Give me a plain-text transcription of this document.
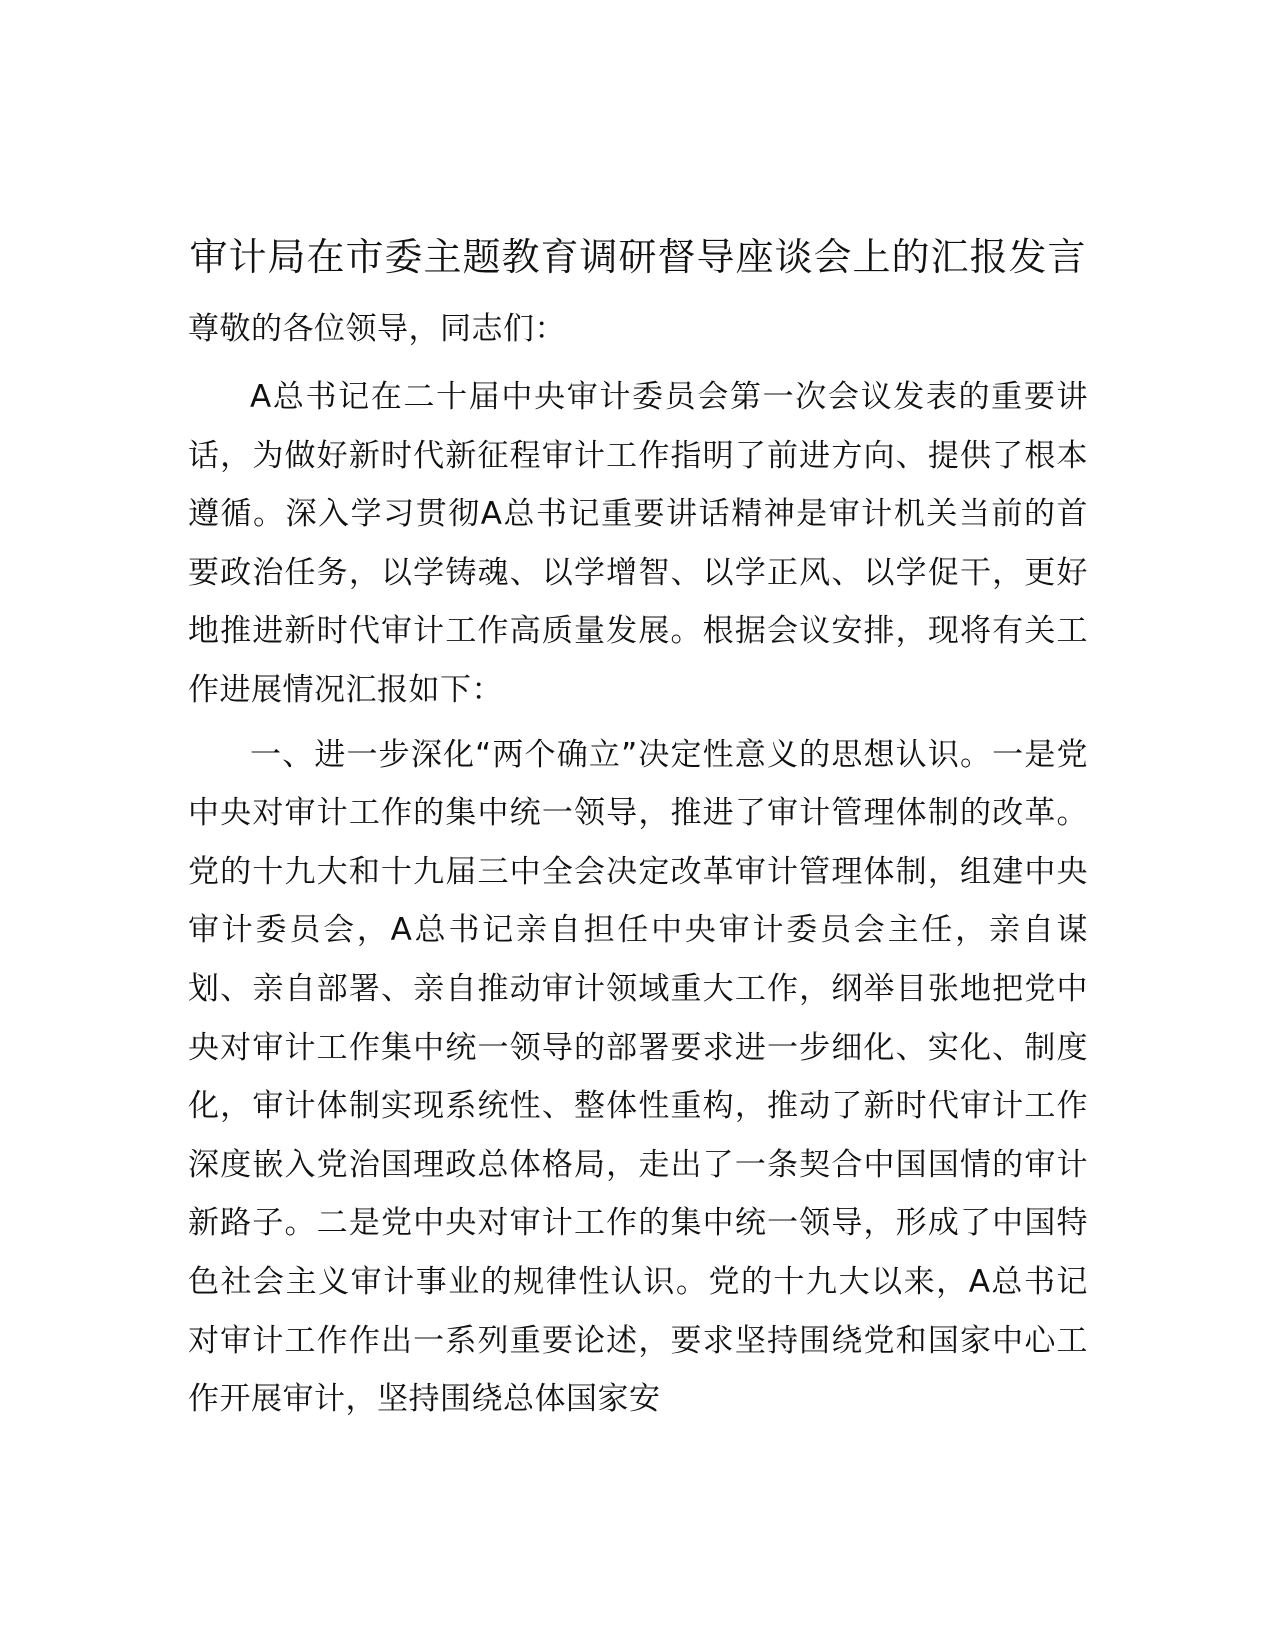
审计局在市委主题教育调研督导座谈会上的汇报发言

尊敬的各位领导，同志们：

A总书记在二十届中央审计委员会第一次会议发表的重要讲话，为做好新时代新征程审计工作指明了前进方向、提供了根本遵循。深入学习贯彻A总书记重要讲话精神是审计机关当前的首要政治任务，以学铸魂、以学增智、以学正风、以学促干，更好地推进新时代审计工作高质量发展。根据会议安排，现将有关工作进展情况汇报如下：

一、进一步深化“两个确立”决定性意义的思想认识。一是党中央对审计工作的集中统一领导，推进了审计管理体制的改革。党的十九大和十九届三中全会决定改革审计管理体制，组建中央审计委员会，A总书记亲自担任中央审计委员会主任，亲自谋划、亲自部署、亲自推动审计领域重大工作，纲举目张地把党中央对审计工作集中统一领导的部署要求进一步细化、实化、制度化，审计体制实现系统性、整体性重构，推动了新时代审计工作深度嵌入党治国理政总体格局，走出了一条契合中国国情的审计新路子。二是党中央对审计工作的集中统一领导，形成了中国特色社会主义审计事业的规律性认识。党的十九大以来，A总书记对审计工作作出一系列重要论述，要求坚持围绕党和国家中心工作开展审计，坚持围绕总体国家安
